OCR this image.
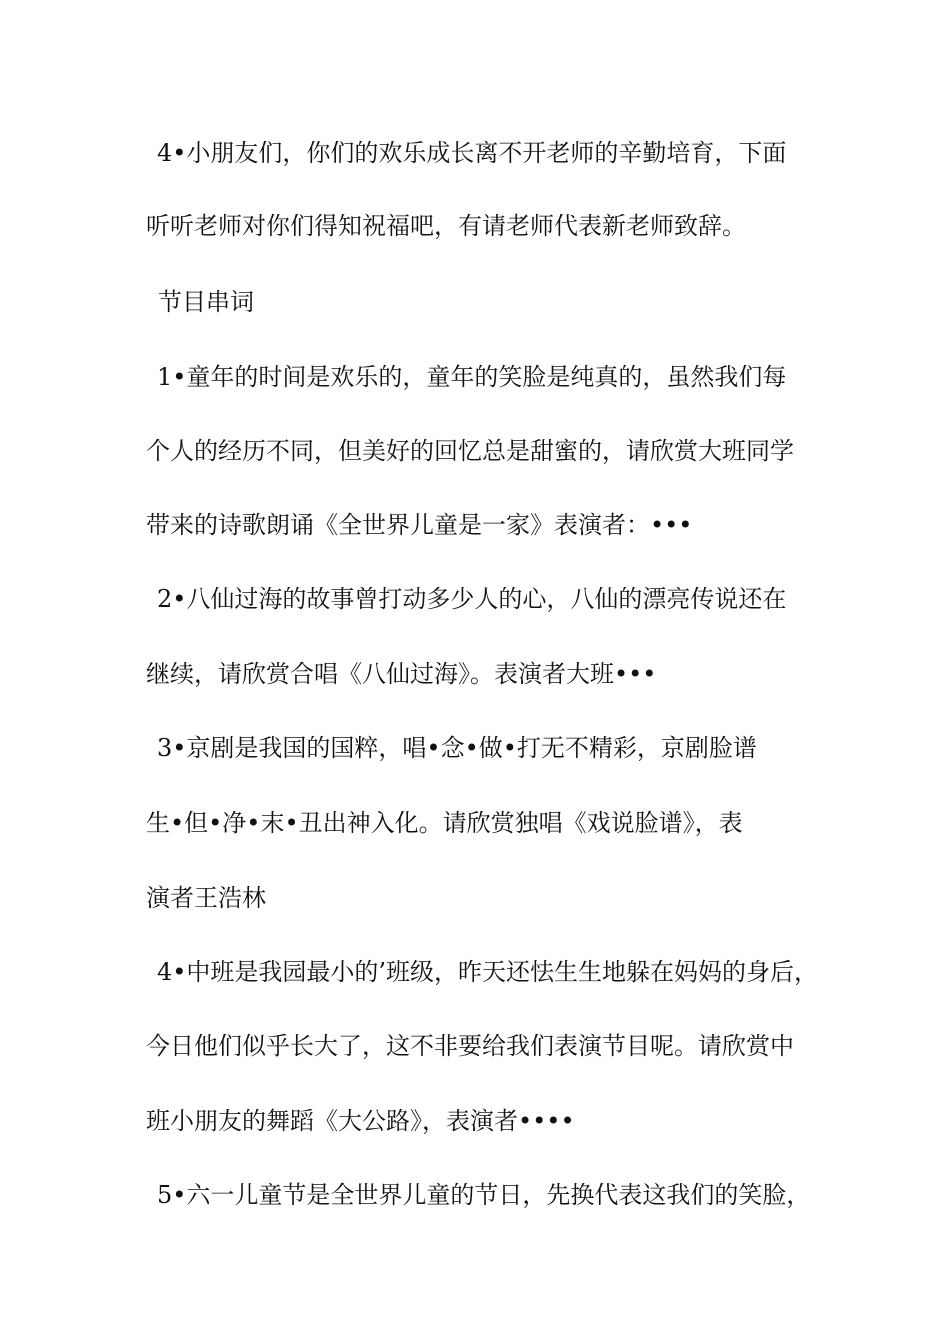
4•小朋友们，你们的欢乐成长离不开老师的辛勤培育，下面
听听老师对你们得知祝福吧，有请老师代表新老师致辞。
节目串词
1•童年的时间是欢乐的，童年的笑脸是纯真的，虽然我们每
个人的经历不同，但美好的回忆总是甜蜜的，请欣赏大班同学
带来的诗歌朗诵《全世界儿童是一家》表演者：•••
2•八仙过海的故事曾打动多少人的心，八仙的漂亮传说还在
继续，请欣赏合唱《八仙过海》。表演者大班•••
3•京剧是我国的国粹，唱•念•做•打无不精彩，京剧脸谱
生•但•净•末•丑出神入化。请欣赏独唱《戏说脸谱》，表
演者王浩林
4•中班是我园最小的’班级，昨天还怯生生地躲在妈妈的身后，
今日他们似乎长大了，这不非要给我们表演节目呢。请欣赏中
班小朋友的舞蹈《大公路》，表演者••••
5•六一儿童节是全世界儿童的节日，先换代表这我们的笑脸，
